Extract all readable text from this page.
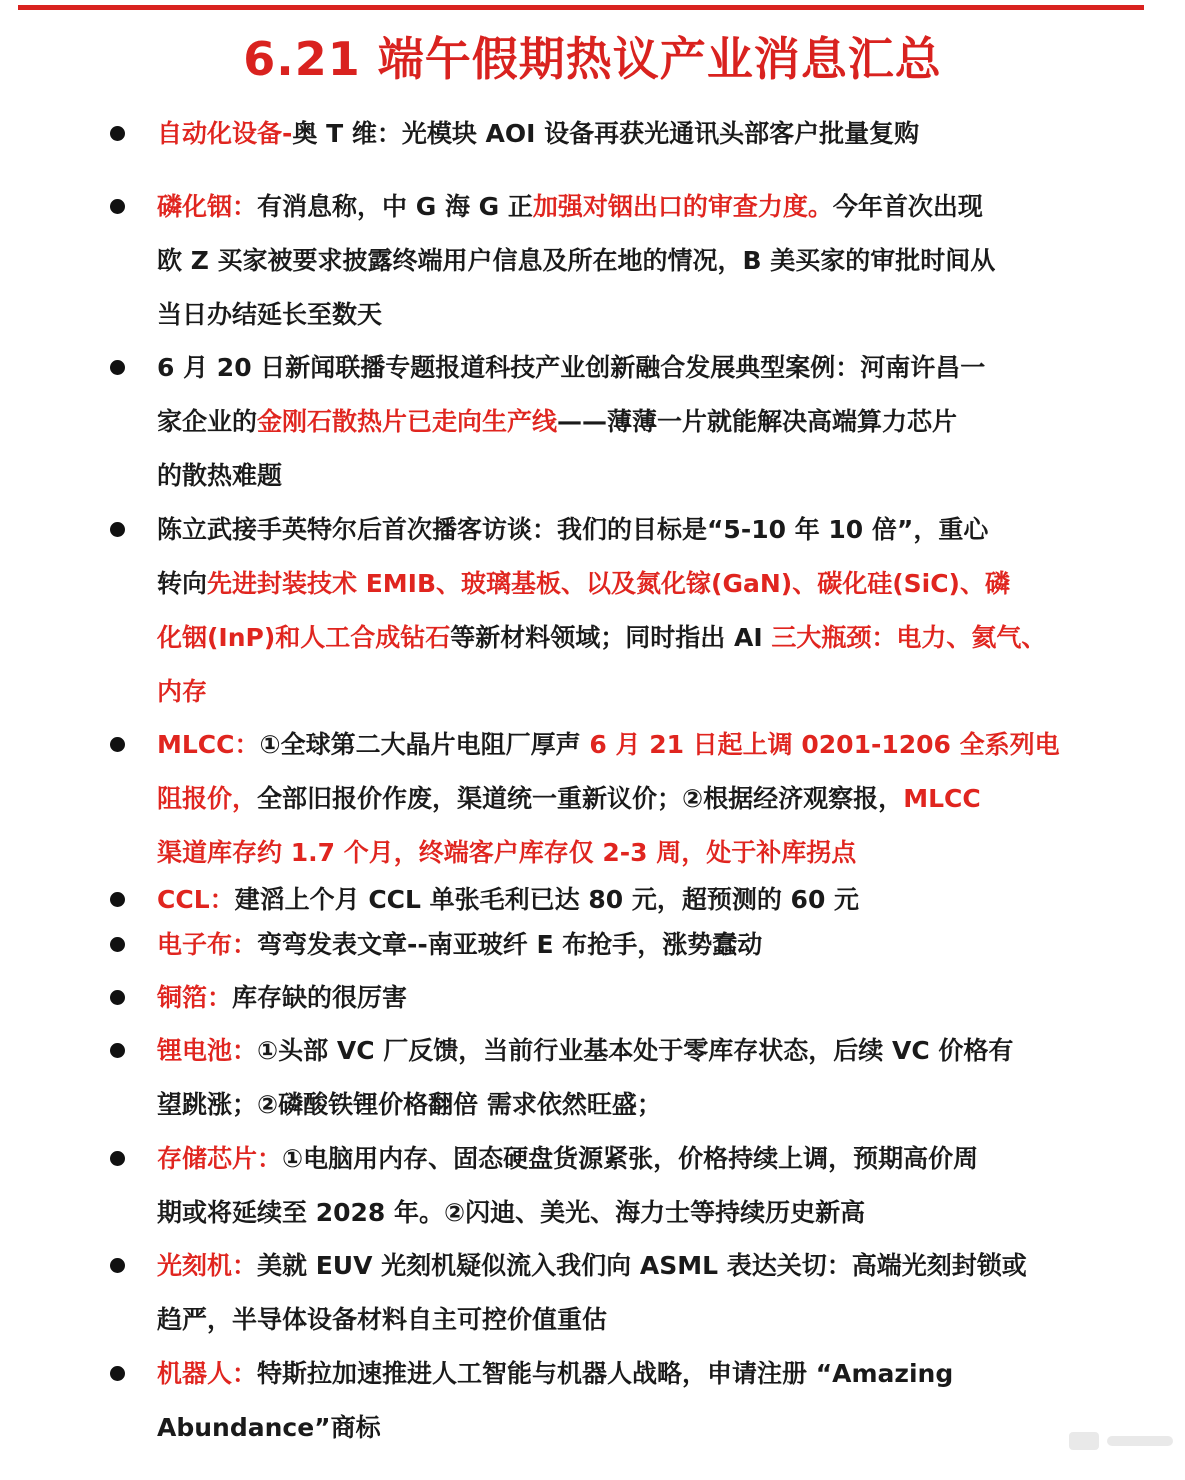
6.21 端午假期热议产业消息汇总
自动化设备-奥 T 维：光模块 AOI 设备再获光通讯头部客户批量复购
磷化铟：有消息称，中 G 海 G 正加强对铟出口的审查力度。今年首次出现
欧 Z 买家被要求披露终端用户信息及所在地的情况，B 美买家的审批时间从
当日办结延长至数天
6 月 20 日新闻联播专题报道科技产业创新融合发展典型案例：河南许昌一
家企业的金刚石散热片已走向生产线——薄薄一片就能解决高端算力芯片
的散热难题
陈立武接手英特尔后首次播客访谈：我们的目标是“5-10 年 10 倍”，重心
转向先进封装技术 EMIB、玻璃基板、以及氮化镓(GaN)、碳化硅(SiC)、磷
化铟(InP)和人工合成钻石等新材料领域；同时指出 AI 三大瓶颈：电力、氦气、
内存
MLCC：①全球第二大晶片电阻厂厚声 6 月 21 日起上调 0201-1206 全系列电
阻报价，全部旧报价作废，渠道统一重新议价；②根据经济观察报，MLCC
渠道库存约 1.7 个月，终端客户库存仅 2-3 周，处于补库拐点
CCL：建滔上个月 CCL 单张毛利已达 80 元，超预测的 60 元
电子布：弯弯发表文章--南亚玻纤 E 布抢手，涨势蠢动
铜箔：库存缺的很厉害
锂电池：①头部 VC 厂反馈，当前行业基本处于零库存状态，后续 VC 价格有
望跳涨；②磷酸铁锂价格翻倍 需求依然旺盛；
存储芯片：①电脑用内存、固态硬盘货源紧张，价格持续上调，预期高价周
期或将延续至 2028 年。②闪迪、美光、海力士等持续历史新高
光刻机：美就 EUV 光刻机疑似流入我们向 ASML 表达关切：高端光刻封锁或
趋严，半导体设备材料自主可控价值重估
机器人：特斯拉加速推进人工智能与机器人战略，申请注册 “Amazing
Abundance”商标
